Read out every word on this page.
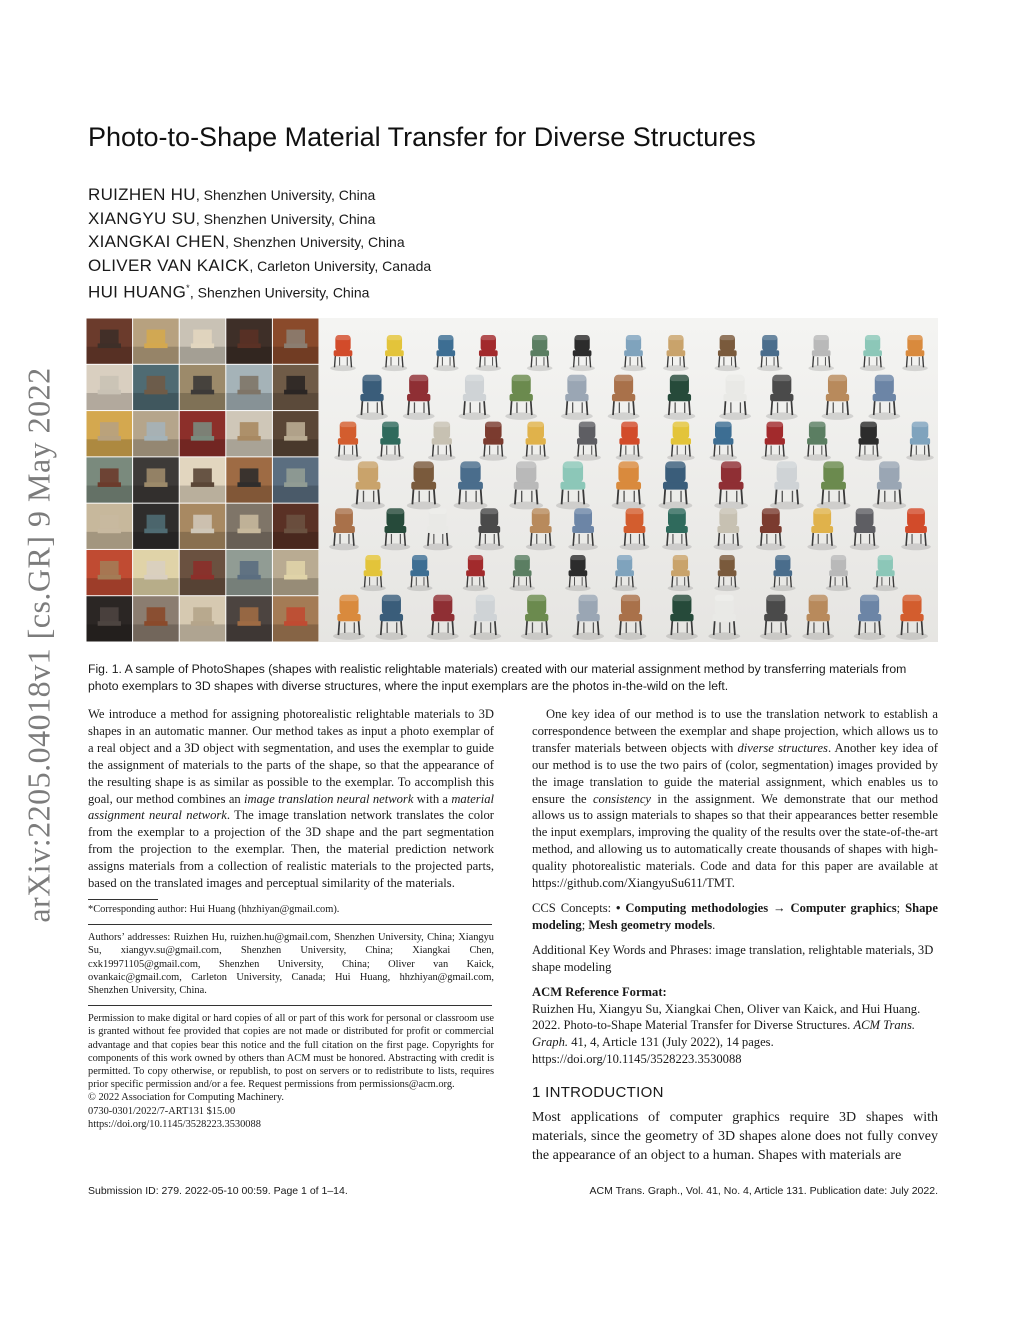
arXiv:2205.04018v1 [cs.GR] 9 May 2022
Photo-to-Shape Material Transfer for Diverse Structures
RUIZHEN HU, Shenzhen University, China
XIANGYU SU, Shenzhen University, China
XIANGKAI CHEN, Shenzhen University, China
OLIVER VAN KAICK, Carleton University, Canada
HUI HUANG*, Shenzhen University, China
Fig. 1. A sample of PhotoShapes (shapes with realistic relightable materials) created with our material assignment method by transferring materials from photo exemplars to 3D shapes with diverse structures, where the input exemplars are the photos in-the-wild on the left.

We introduce a method for assigning photorealistic relightable materials to 3D shapes in an automatic manner. Our method takes as input a photo exemplar of a real object and a 3D object with segmentation, and uses the exemplar to guide the assignment of materials to the parts of the shape, so that the appearance of the resulting shape is as similar as possible to the exemplar. To accomplish this goal, our method combines an image translation neural network with a material assignment neural network. The image translation network translates the color from the exemplar to a projection of the 3D shape and the part segmentation from the projection to the exemplar. Then, the material prediction network assigns materials from a collection of realistic materials to the projected parts, based on the translated images and perceptual similarity of the materials.

*Corresponding author: Hui Huang (hhzhiyan@gmail.com).

Authors’ addresses: Ruizhen Hu, ruizhen.hu@gmail.com, Shenzhen University, China; Xiangyu Su, xiangyv.su@gmail.com, Shenzhen University, China; Xiangkai Chen, cxk19971105@gmail.com, Shenzhen University, China; Oliver van Kaick, ovankaic@gmail.com, Carleton University, Canada; Hui Huang, hhzhiyan@gmail.com, Shenzhen University, China.

Permission to make digital or hard copies of all or part of this work for personal or classroom use is granted without fee provided that copies are not made or distributed for profit or commercial advantage and that copies bear this notice and the full citation on the first page. Copyrights for components of this work owned by others than ACM must be honored. Abstracting with credit is permitted. To copy otherwise, or republish, to post on servers or to redistribute to lists, requires prior specific permission and/or a fee. Request permissions from permissions@acm.org.

© 2022 Association for Computing Machinery.

0730-0301/2022/7-ART131 $15.00

https://doi.org/10.1145/3528223.3530088

One key idea of our method is to use the translation network to establish a correspondence between the exemplar and shape projection, which allows us to transfer materials between objects with diverse structures. Another key idea of our method is to use the two pairs of (color, segmentation) images provided by the image translation to guide the material assignment, which enables us to ensure the consistency in the assignment. We demonstrate that our method allows us to assign materials to shapes so that their appearances better resemble the input exemplars, improving the quality of the results over the state-of-the-art method, and allowing us to automatically create thousands of shapes with high-quality photorealistic materials. Code and data for this paper are available at https://github.com/XiangyuSu611/TMT.

CCS Concepts: • Computing methodologies → Computer graphics; Shape modeling; Mesh geometry models.

Additional Key Words and Phrases: image translation, relightable materials, 3D shape modeling

ACM Reference Format:

Ruizhen Hu, Xiangyu Su, Xiangkai Chen, Oliver van Kaick, and Hui Huang. 2022. Photo-to-Shape Material Transfer for Diverse Structures. ACM Trans. Graph. 41, 4, Article 131 (July 2022), 14 pages. https://doi.org/10.1145/3528223.3530088

1 INTRODUCTION

Most applications of computer graphics require 3D shapes with materials, since the geometry of 3D shapes alone does not fully convey the appearance of an object to a human. Shapes with materials are

Submission ID: 279. 2022-05-10 00:59. Page 1 of 1–14.	ACM Trans. Graph., Vol. 41, No. 4, Article 131. Publication date: July 2022.
